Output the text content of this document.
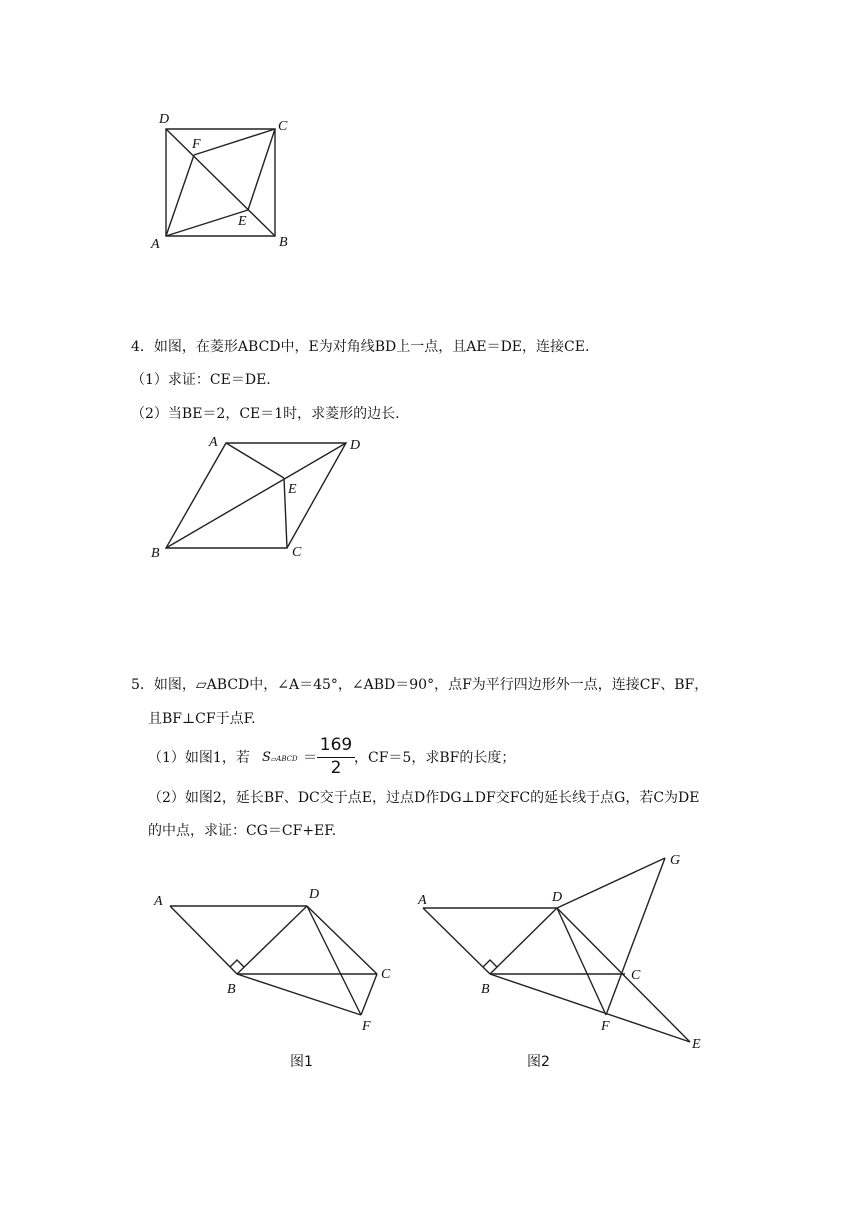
D	C
F
E
A	B
4．如图，在菱形ABCD中，E为对角线BD上一点，且AE＝DE，连接CE.
（1）求证：CE＝DE.
（2）当BE＝2，CE＝1时，求菱形的边长.
A	D
E
B	C
5．如图，▱ABCD中，∠A＝45°，∠ABD＝90°，点F为平行四边形外一点，连接CF、BF，
且BF⊥CF于点F.
（1）如图1，若 S▱ABCD ＝
169
2 ，CF＝5，求BF的长度；
（2）如图2，延长BF、DC交于点E，过点D作DG⊥DF交FC的延长线于点G，若C为DE
的中点，求证：CG＝CF+EF.
A	D
B
C
F
图1
A	D
G
B
C
F
E
图2
